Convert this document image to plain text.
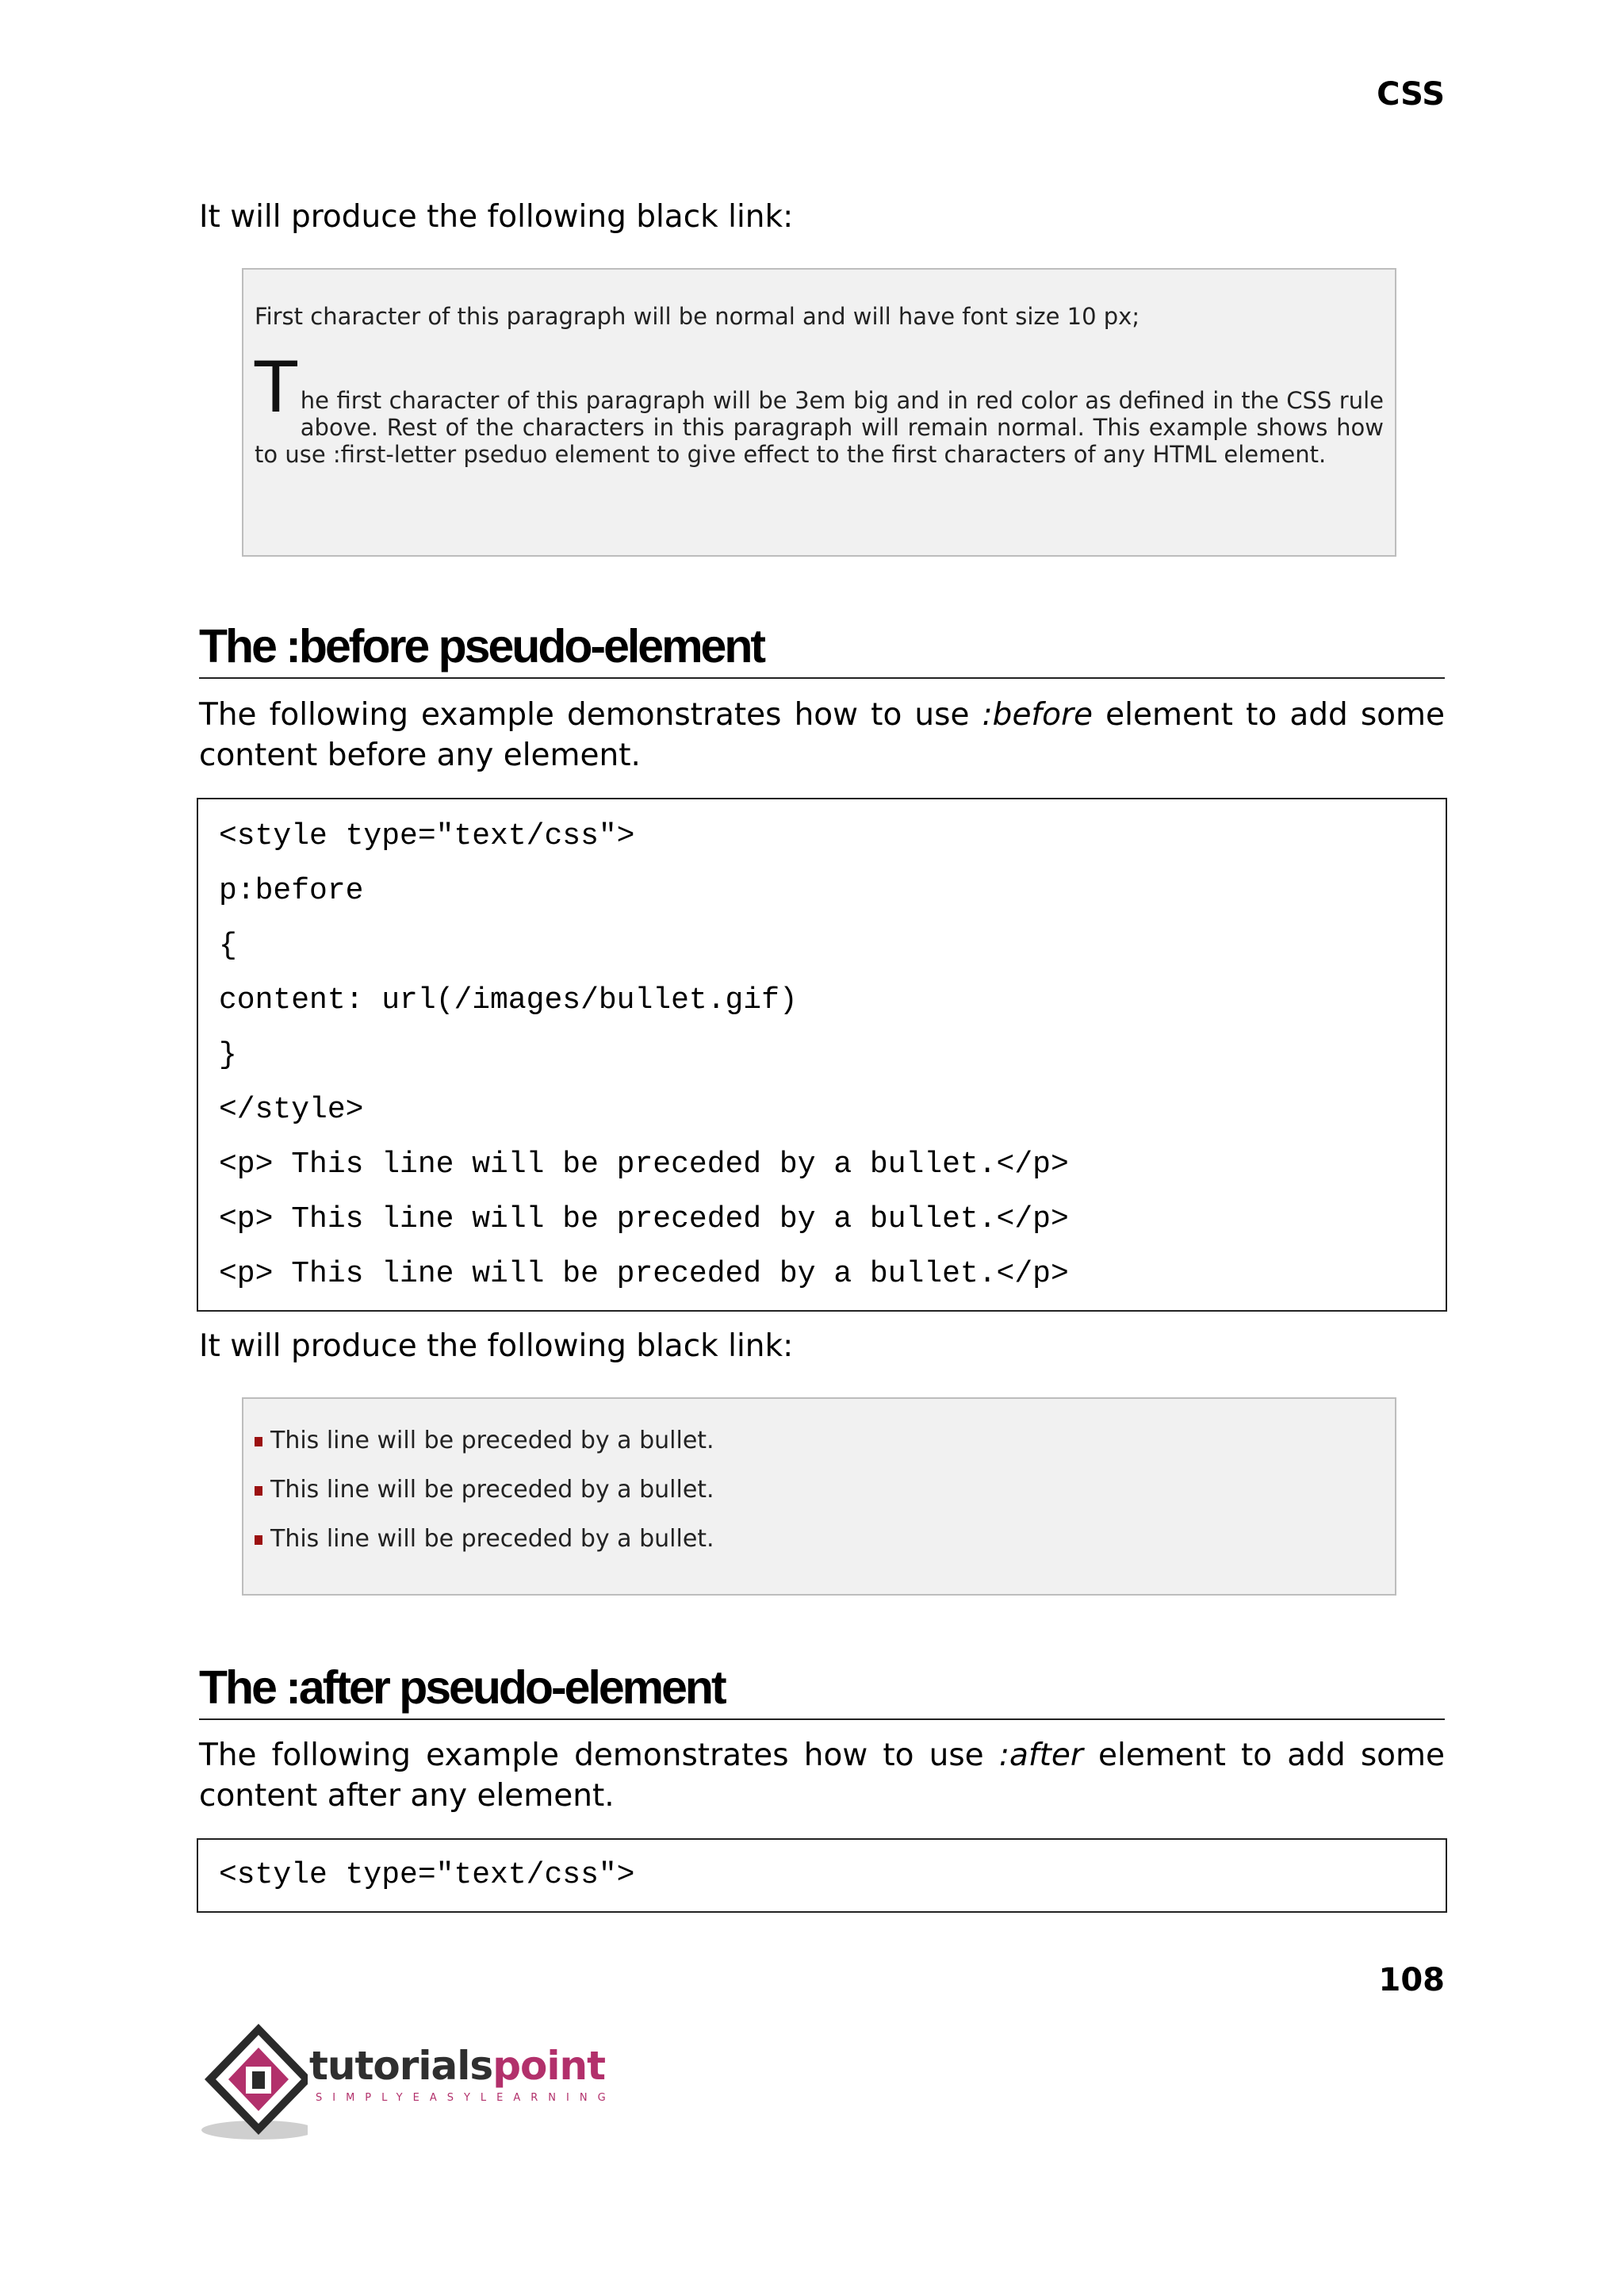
CSS
It will produce the following black link:
First character of this paragraph will be normal and will have font size 10 px;
T he first character of this paragraph will be 3em big and in red color as defined in the CSS rule above. Rest of the characters in this paragraph will remain normal. This example shows how to use :first-letter pseduo element to give effect to the first characters of any HTML element.
The :before pseudo-element
The following example demonstrates how to use :before element to add some content before any element.
<style type="text/css">
p:before
{
content: url(/images/bullet.gif)
}
</style>
<p> This line will be preceded by a bullet.</p>
<p> This line will be preceded by a bullet.</p>
<p> This line will be preceded by a bullet.</p>
It will produce the following black link:
This line will be preceded by a bullet.
This line will be preceded by a bullet.
This line will be preceded by a bullet.
The :after pseudo-element
The following example demonstrates how to use :after element to add some content after any element.
<style type="text/css">
108
tutorialspoint
SIMPLYEASYLEARNING
